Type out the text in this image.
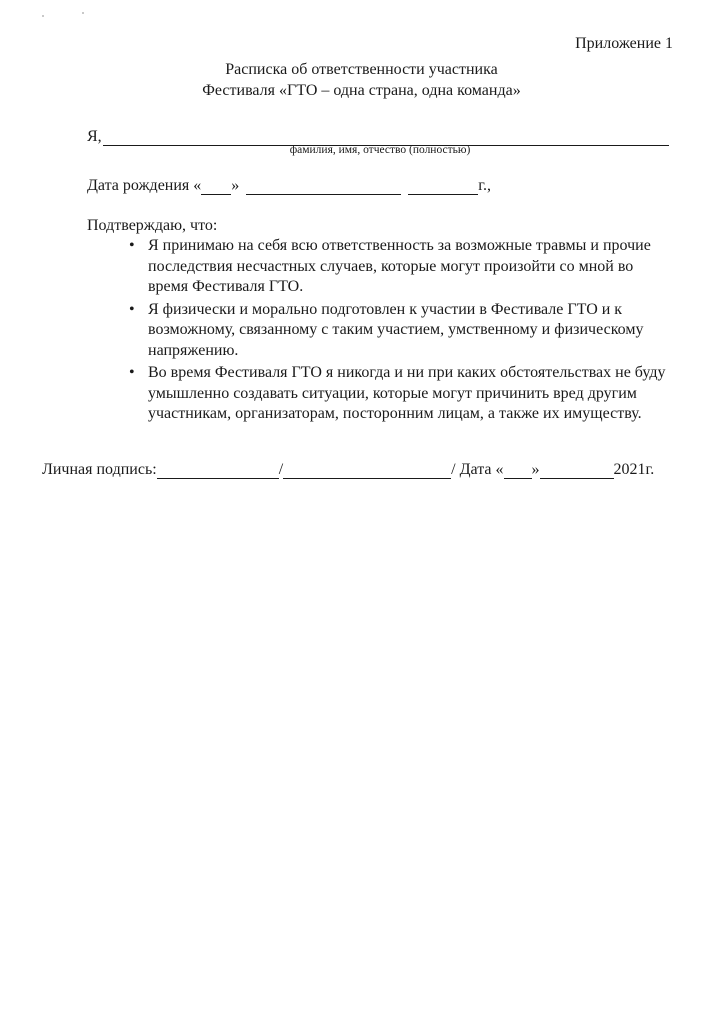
Приложение 1
Расписка об ответственности участника
Фестиваля «ГТО – одна страна, одна команда»
Я,
фамилия, имя, отчество (полностью)
Дата рождения « »	г.,
Подтверждаю, что:
• Я принимаю на себя всю ответственность за возможные травмы и прочие последствия несчастных случаев, которые могут произойти со мной во время Фестиваля ГТО.
• Я физически и морально подготовлен к участии в Фестивале ГТО и к возможному, связанному с таким участием, умственному и физическому напряжению.
• Во время Фестиваля ГТО я никогда и ни при каких обстоятельствах не буду умышленно создавать ситуации, которые могут причинить вред другим участникам, организаторам, посторонним лицам, а также их имуществу.
Личная подпись:	/	/ Дата « »	2021г.
